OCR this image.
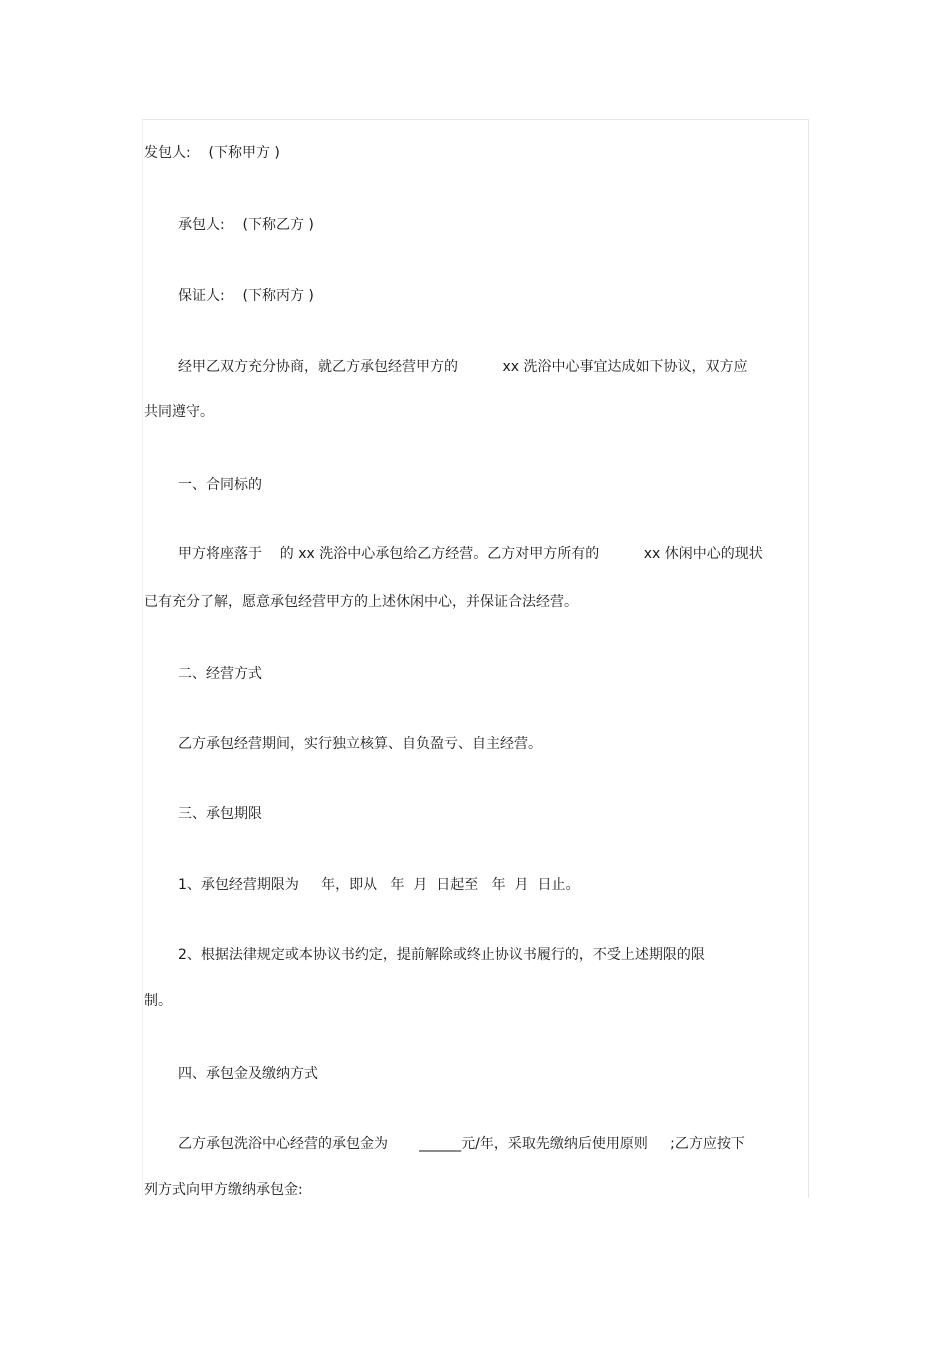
发包人:    (下称甲方 )

承包人:    (下称乙方 )

保证人:    (下称丙方 )

经甲乙双方充分协商，就乙方承包经营甲方的          xx 洗浴中心事宜达成如下协议，双方应

共同遵守。

一、合同标的

甲方将座落于    的 xx 洗浴中心承包给乙方经营。乙方对甲方所有的          xx 休闲中心的现状

已有充分了解，愿意承包经营甲方的上述休闲中心，并保证合法经营。

二、经营方式

乙方承包经营期间，实行独立核算、自负盈亏、自主经营。

三、承包期限

1、承包经营期限为     年，即从   年  月  日起至   年  月  日止。

2、根据法律规定或本协议书约定，提前解除或终止协议书履行的，不受上述期限的限

制。

四、承包金及缴纳方式

乙方承包洗浴中心经营的承包金为       ______元/年，采取先缴纳后使用原则     ;乙方应按下

列方式向甲方缴纳承包金:
